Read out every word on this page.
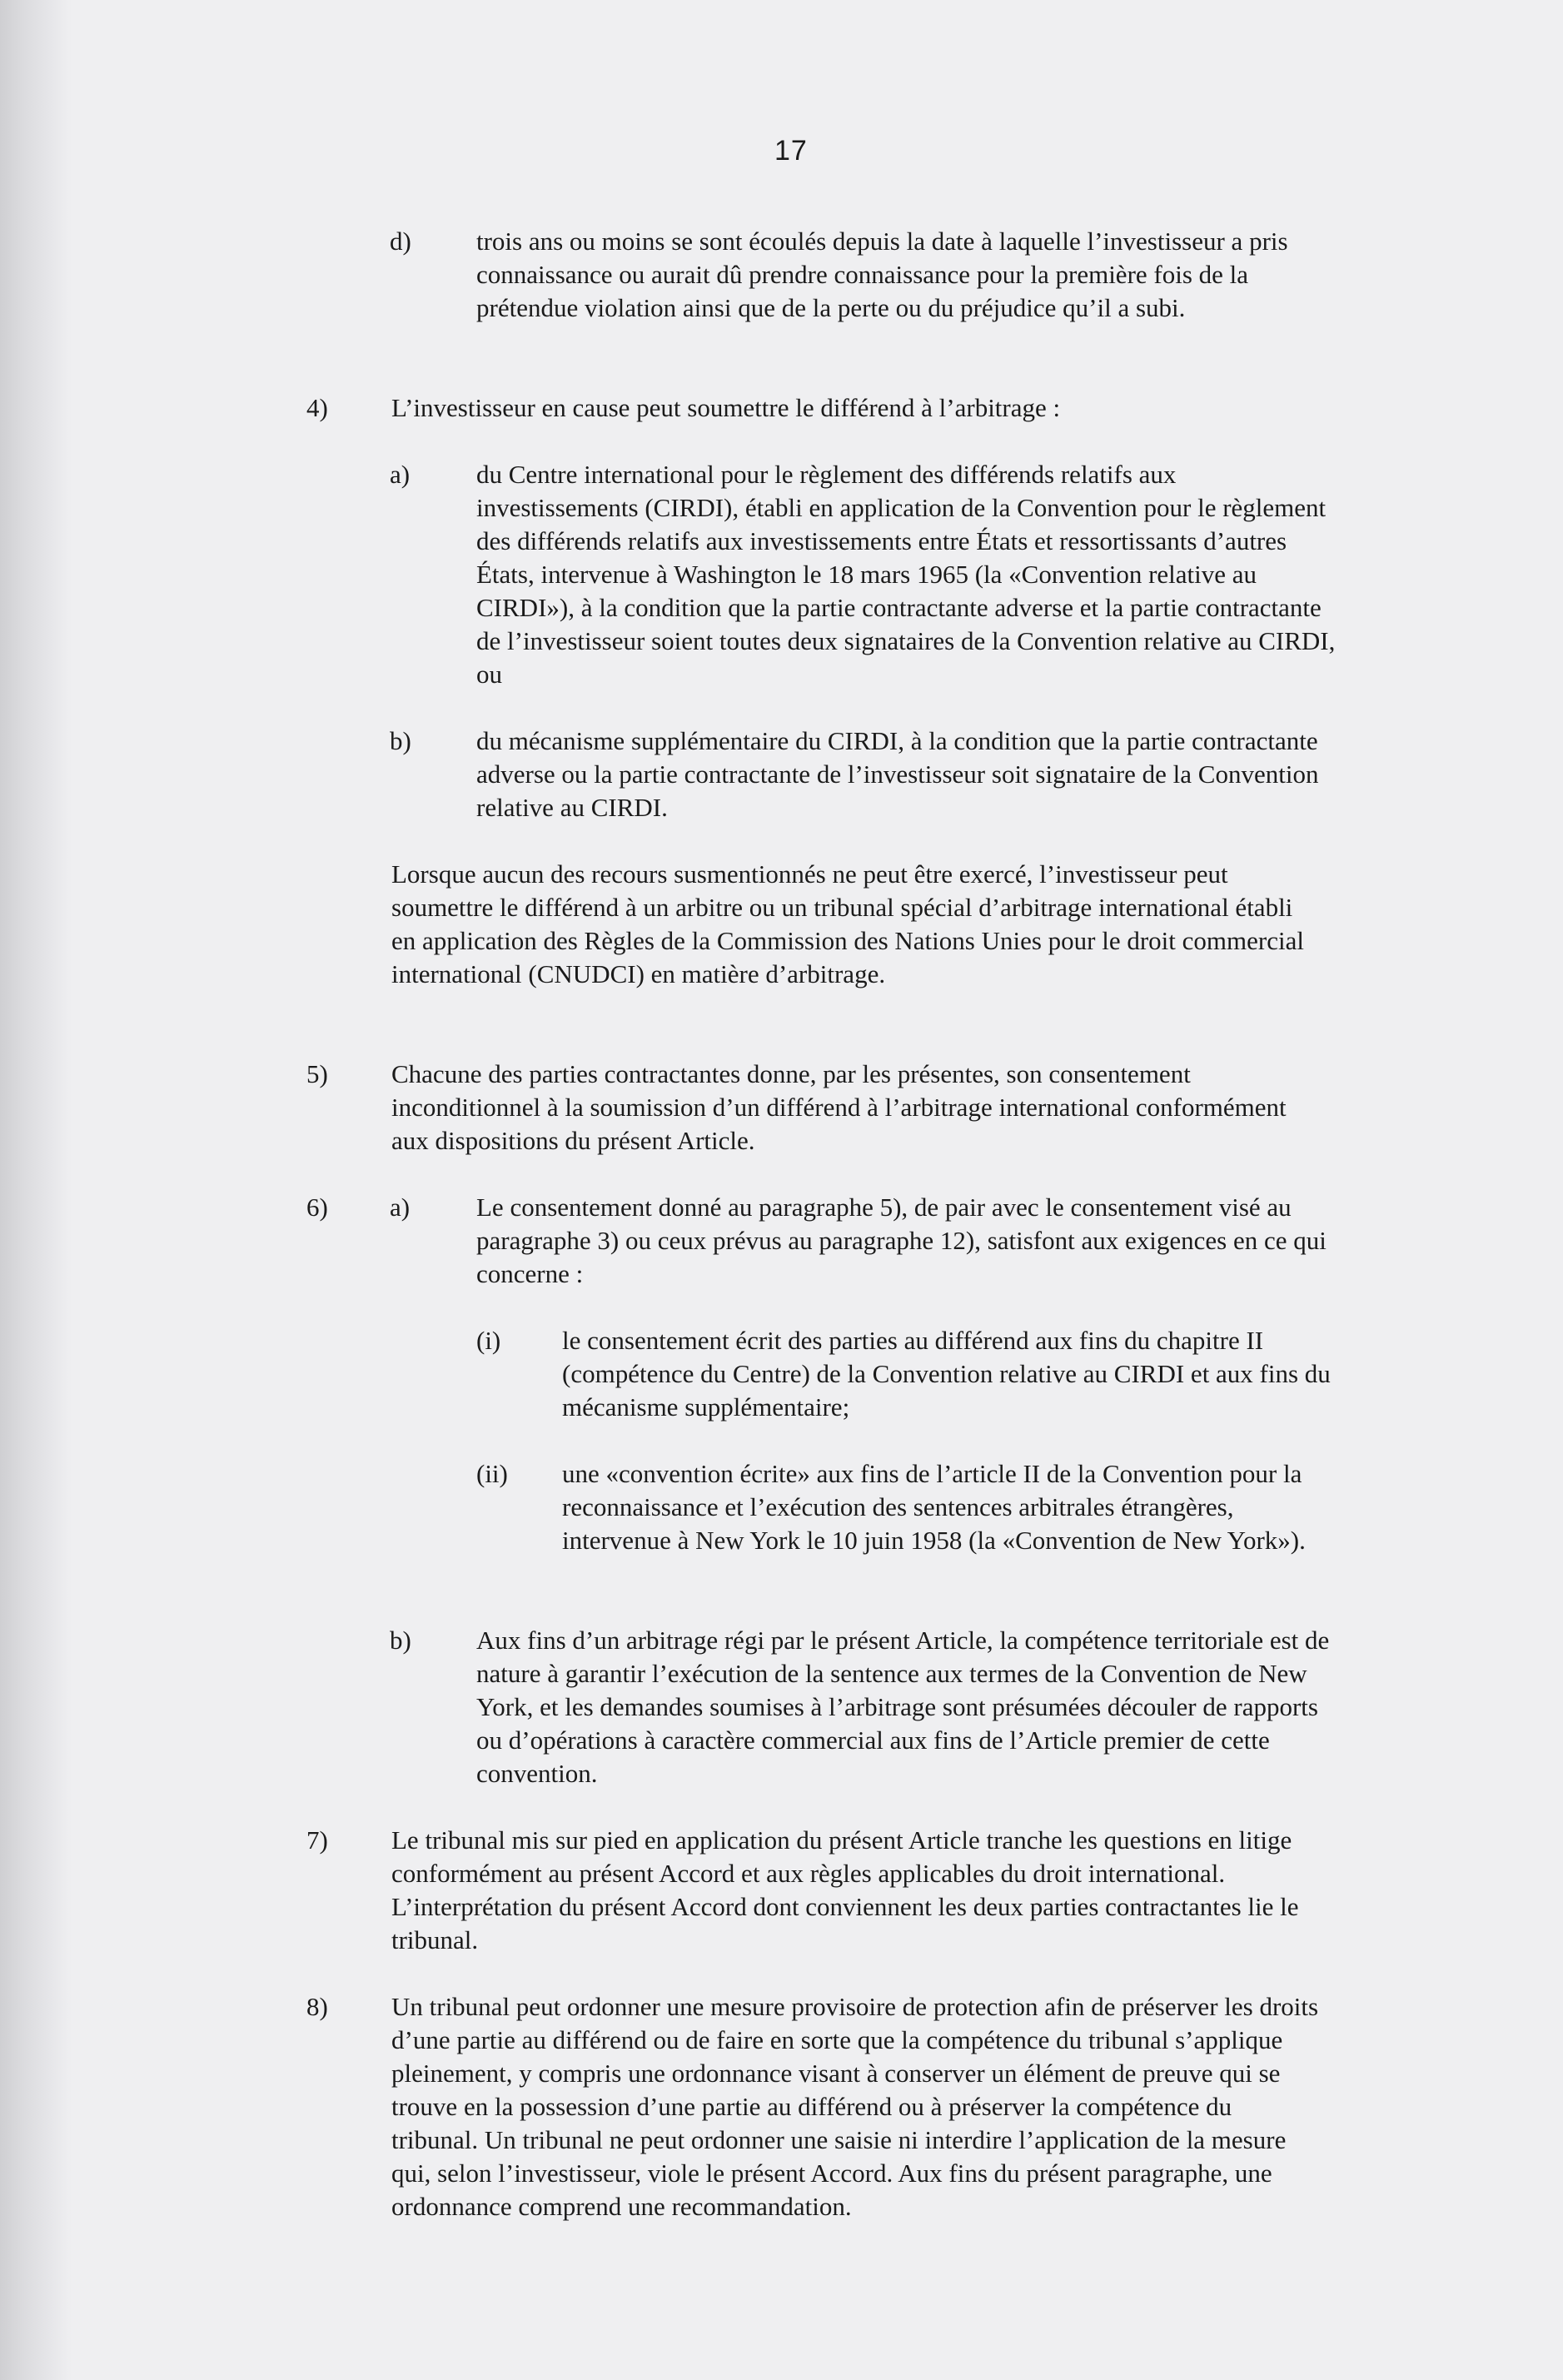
17
d)	trois ans ou moins se sont écoulés depuis la date à laquelle l’investisseur a pris connaissance ou aurait dû prendre connaissance pour la première fois de la prétendue violation ainsi que de la perte ou du préjudice qu’il a subi.

4) L’investisseur en cause peut soumettre le différend à l’arbitrage :

a)	du Centre international pour le règlement des différends relatifs aux investissements (CIRDI), établi en application de la Convention pour le règlement des différends relatifs aux investissements entre États et ressortissants d’autres États, intervenue à Washington le 18 mars 1965 (la «Convention relative au CIRDI»), à la condition que la partie contractante adverse et la partie contractante de l’investisseur soient toutes deux signataires de la Convention relative au CIRDI, ou

b)	du mécanisme supplémentaire du CIRDI, à la condition que la partie contractante adverse ou la partie contractante de l’investisseur soit signataire de la Convention relative au CIRDI.

Lorsque aucun des recours susmentionnés ne peut être exercé, l’investisseur peut soumettre le différend à un arbitre ou un tribunal spécial d’arbitrage international établi en application des Règles de la Commission des Nations Unies pour le droit commercial international (CNUDCI) en matière d’arbitrage.

5) Chacune des parties contractantes donne, par les présentes, son consentement inconditionnel à la soumission d’un différend à l’arbitrage international conformément aux dispositions du présent Article.

6) a)	Le consentement donné au paragraphe 5), de pair avec le consentement visé au paragraphe 3) ou ceux prévus au paragraphe 12), satisfont aux exigences en ce qui concerne :

(i) le consentement écrit des parties au différend aux fins du chapitre II (compétence du Centre) de la Convention relative au CIRDI et aux fins du mécanisme supplémentaire;

(ii) une «convention écrite» aux fins de l’article II de la Convention pour la reconnaissance et l’exécution des sentences arbitrales étrangères, intervenue à New York le 10 juin 1958 (la «Convention de New York»).

b)	Aux fins d’un arbitrage régi par le présent Article, la compétence territoriale est de nature à garantir l’exécution de la sentence aux termes de la Convention de New York, et les demandes soumises à l’arbitrage sont présumées découler de rapports ou d’opérations à caractère commercial aux fins de l’Article premier de cette convention.

7) Le tribunal mis sur pied en application du présent Article tranche les questions en litige conformément au présent Accord et aux règles applicables du droit international. L’interprétation du présent Accord dont conviennent les deux parties contractantes lie le tribunal.

8) Un tribunal peut ordonner une mesure provisoire de protection afin de préserver les droits d’une partie au différend ou de faire en sorte que la compétence du tribunal s’applique pleinement, y compris une ordonnance visant à conserver un élément de preuve qui se trouve en la possession d’une partie au différend ou à préserver la compétence du tribunal. Un tribunal ne peut ordonner une saisie ni interdire l’application de la mesure qui, selon l’investisseur, viole le présent Accord. Aux fins du présent paragraphe, une ordonnance comprend une recommandation.
